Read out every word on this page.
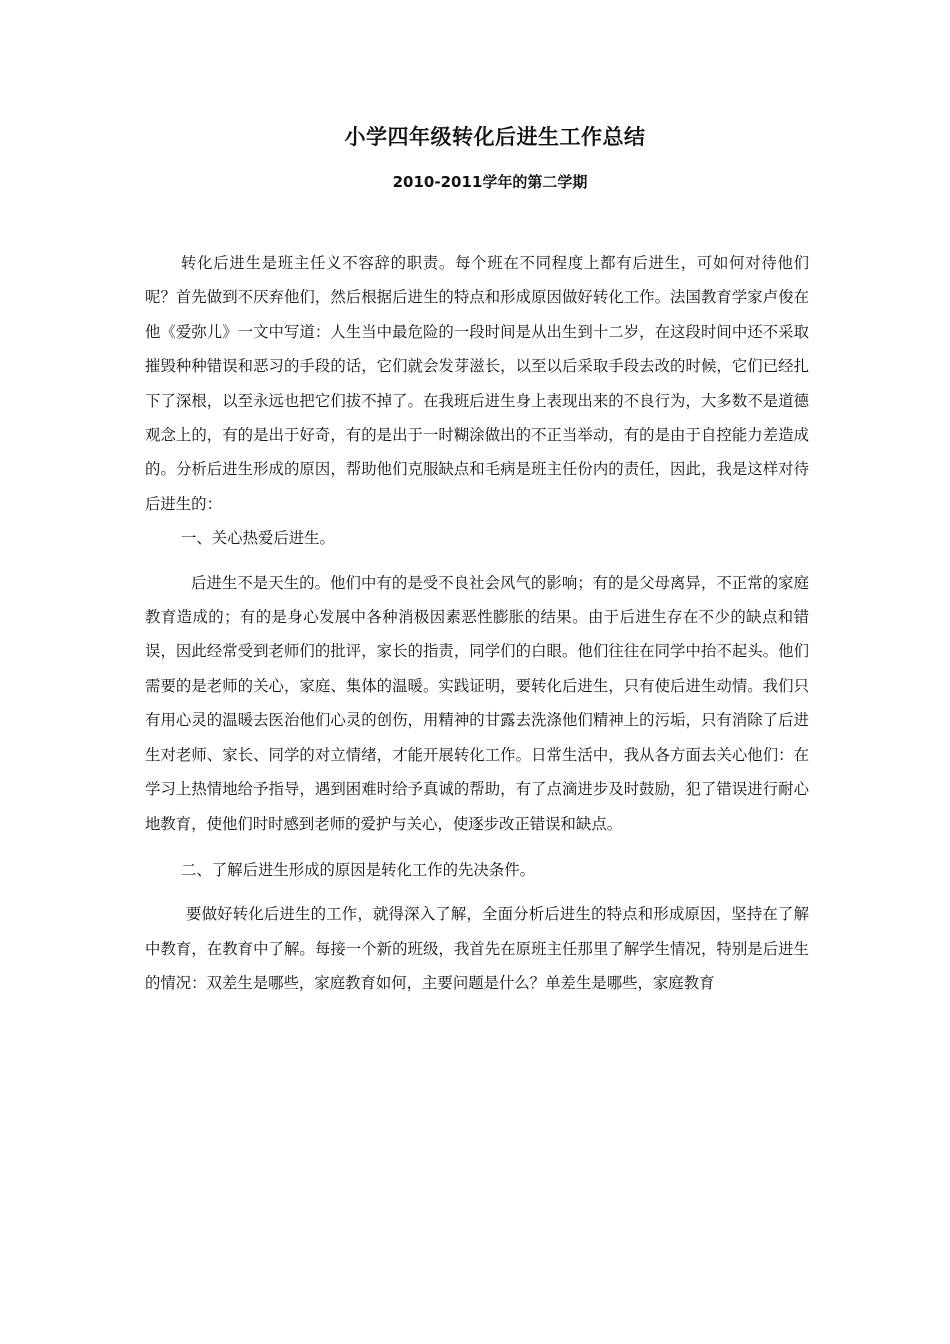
小学四年级转化后进生工作总结
2010-2011学年的第二学期

转化后进生是班主任义不容辞的职责。每个班在不同程度上都有后进生，可如何对待他们呢？首先做到不厌弃他们，然后根据后进生的特点和形成原因做好转化工作。法国教育学家卢俊在他《爱弥儿》一文中写道：人生当中最危险的一段时间是从出生到十二岁，在这段时间中还不采取摧毁种种错误和恶习的手段的话，它们就会发芽滋长，以至以后采取手段去改的时候，它们已经扎下了深根，以至永远也把它们拔不掉了。在我班后进生身上表现出来的不良行为，大多数不是道德观念上的，有的是出于好奇，有的是出于一时糊涂做出的不正当举动，有的是由于自控能力差造成的。分析后进生形成的原因，帮助他们克服缺点和毛病是班主任份内的责任，因此，我是这样对待后进生的：

一、关心热爱后进生。

后进生不是天生的。他们中有的是受不良社会风气的影响；有的是父母离异，不正常的家庭教育造成的；有的是身心发展中各种消极因素恶性膨胀的结果。由于后进生存在不少的缺点和错误，因此经常受到老师们的批评，家长的指责，同学们的白眼。他们往往在同学中抬不起头。他们需要的是老师的关心，家庭、集体的温暖。实践证明，要转化后进生，只有使后进生动情。我们只有用心灵的温暖去医治他们心灵的创伤，用精神的甘露去洗涤他们精神上的污垢，只有消除了后进生对老师、家长、同学的对立情绪，才能开展转化工作。日常生活中，我从各方面去关心他们：在学习上热情地给予指导，遇到困难时给予真诚的帮助，有了点滴进步及时鼓励，犯了错误进行耐心地教育，使他们时时感到老师的爱护与关心，使逐步改正错误和缺点。

二、了解后进生形成的原因是转化工作的先决条件。

要做好转化后进生的工作，就得深入了解，全面分析后进生的特点和形成原因，坚持在了解中教育，在教育中了解。每接一个新的班级，我首先在原班主任那里了解学生情况，特别是后进生的情况：双差生是哪些，家庭教育如何，主要问题是什么？单差生是哪些，家庭教育
